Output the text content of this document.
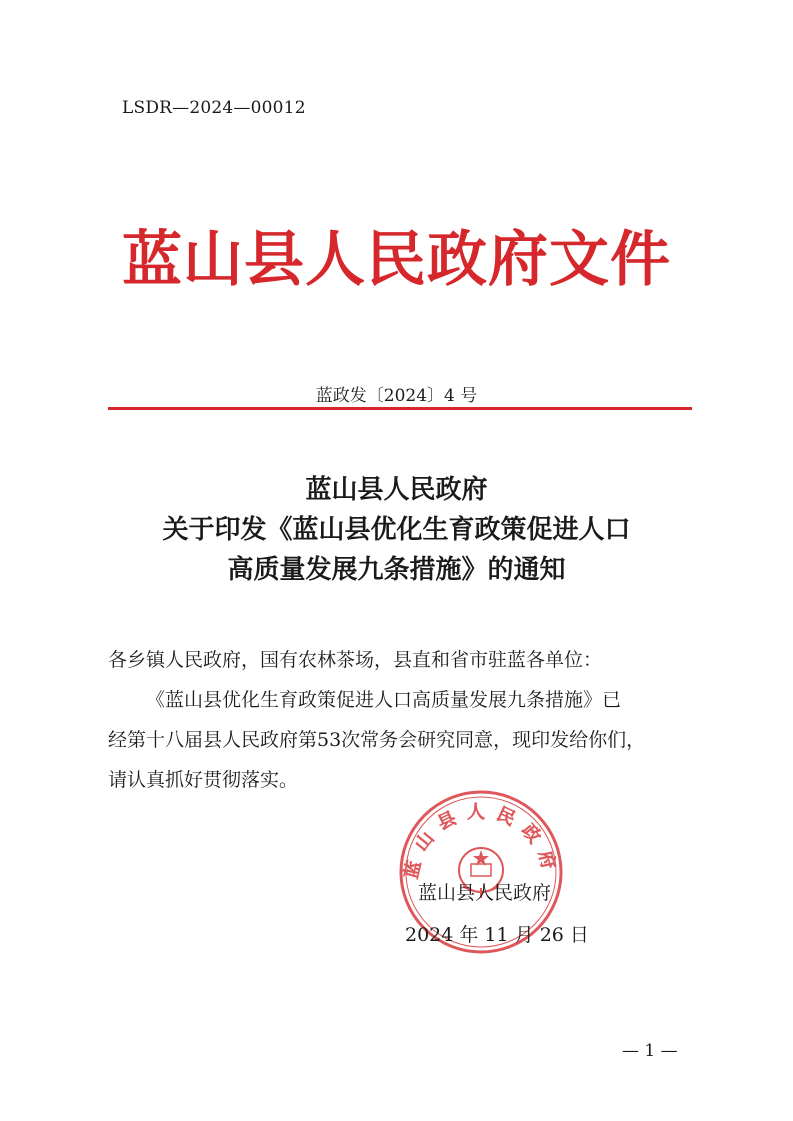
LSDR—2024—00012
蓝山县人民政府文件
蓝政发〔2024〕4 号
蓝山县人民政府
关于印发《蓝山县优化生育政策促进人口
高质量发展九条措施》的通知

各乡镇人民政府，国有农林茶场，县直和省市驻蓝各单位：

《蓝山县优化生育政策促进人口高质量发展九条措施》已

经第十八届县人民政府第53次常务会研究同意，现印发给你们，

请认真抓好贯彻落实。

蓝山县人民政府
蓝山县人民政府
2024 年 11 月 26 日
— 1 —
